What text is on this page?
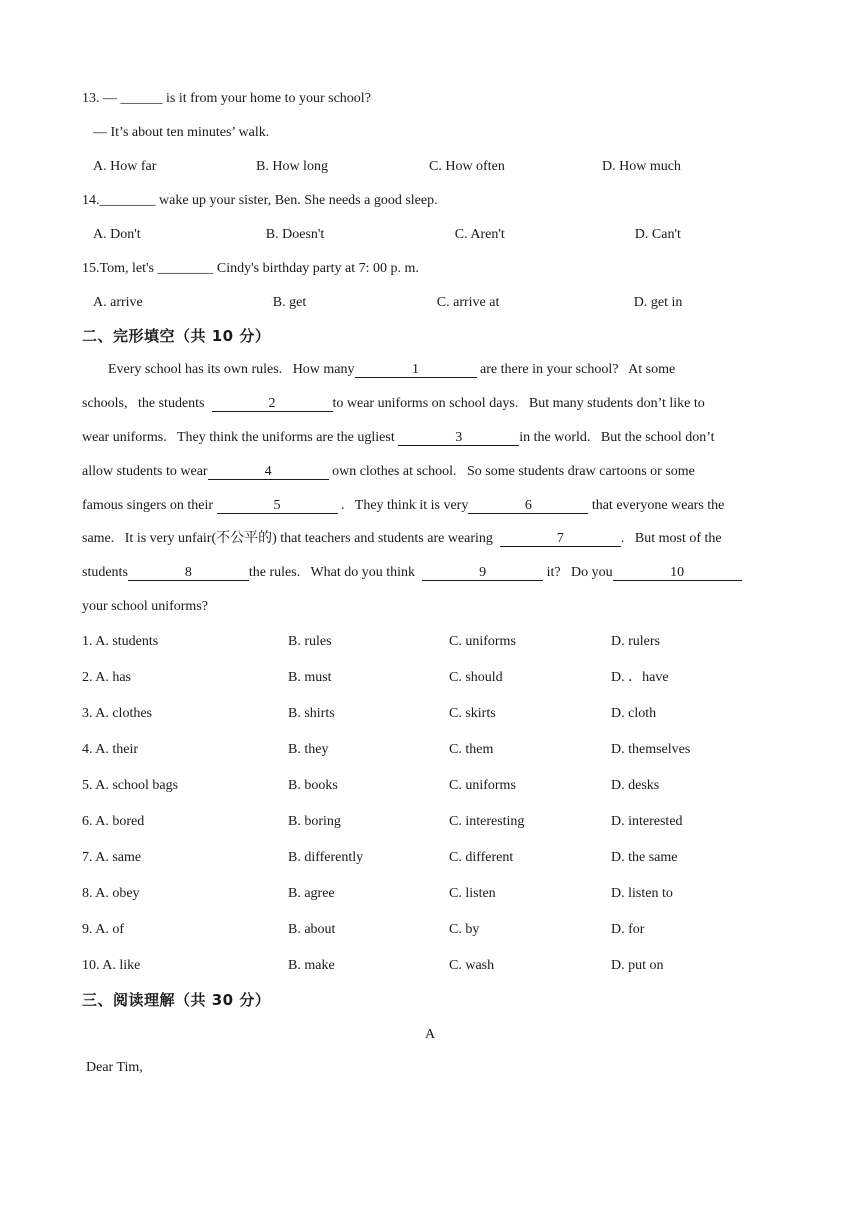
13. — ______ is it from your home to your school?
— It’s about ten minutes’ walk.
A. How far	B. How long	C. How often	D. How much
14.________ wake up your sister, Ben. She needs a good sleep.
A. Don't	◦B. Doesn't	◦C. Aren't	◦D. Can't
15.Tom, let's ________ Cindy's birthday party at 7: 00 p. m.
A. arrive	◦B. get	◦C. arrive at	◦D. get in
二、完形填空（共 10 分）
Every school has its own rules.   How many	1	are there in your school?   At some
schools,   the students	2	to wear uniforms on school days.   But many students don’t like to
wear uniforms.   They think the uniforms are the ugliest	3	in the world.   But the school don’t
allow students to wear	4	own clothes at school.   So some students draw cartoons or some
famous singers on their	5	.   They think it is very	6	that everyone wears the
same.   It is very unfair(不公平的) that teachers and students are wearing	7	.   But most of the
students	8	the rules.   What do you think	9	it?   Do you	10
your school uniforms?
1. A. students	B. rules	C. uniforms	D. rulers
2. A. has	B. must	C. should	D. ．have
3. A. clothes	B. shirts	C. skirts	D. cloth
4. A. their	B. they	C. them	D. themselves
5. A. school bags	B. books	C. uniforms	D. desks
6. A. bored	B. boring	C. interesting	D. interested
7. A. same	B. differently	C. different	D. the same
8. A. obey	B. agree	C. listen	D. listen to
9. A. of	B. about	C. by	D. for
10. A. like	B. make	C. wash	D. put on
三、阅读理解（共 30 分）
A
Dear Tim,
